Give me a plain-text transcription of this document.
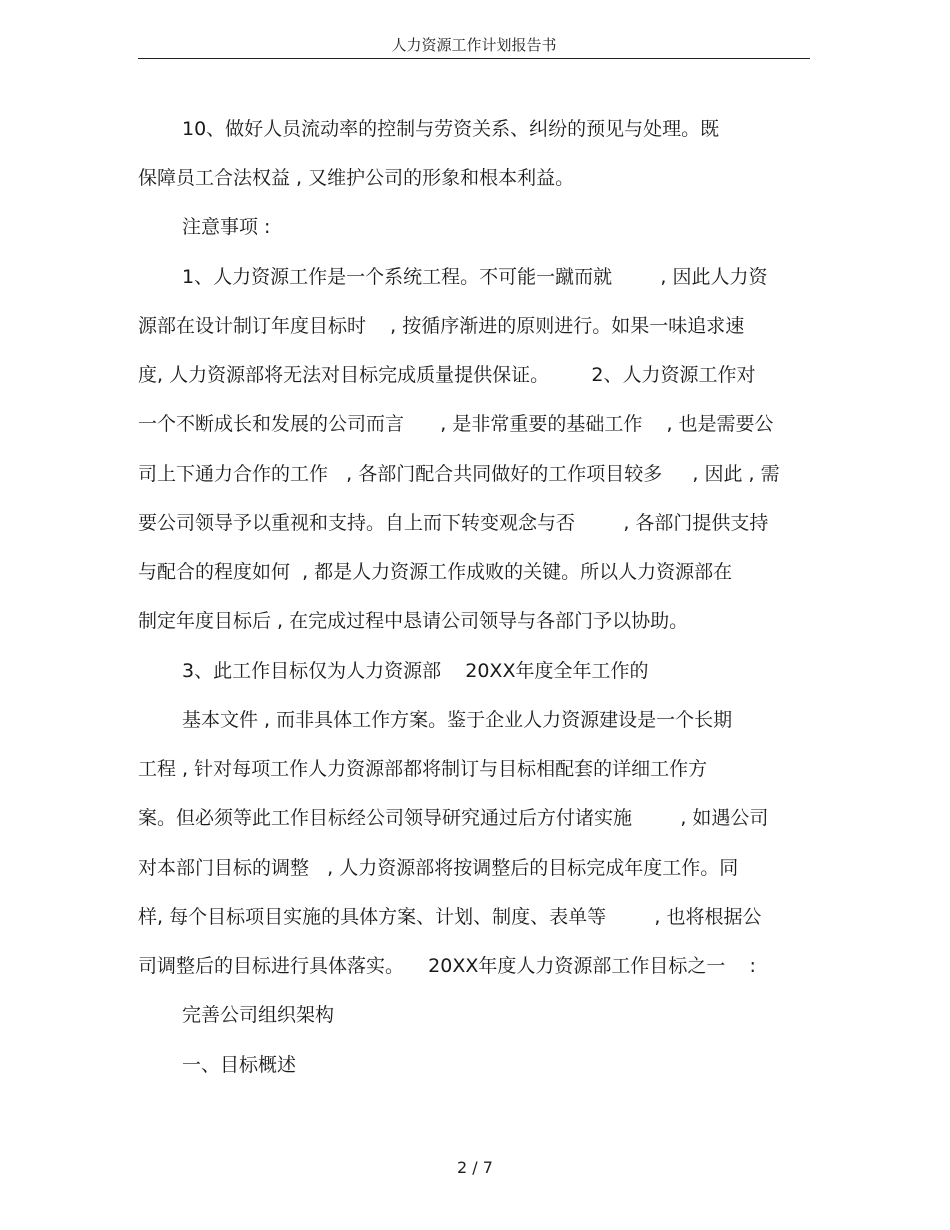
人力资源工作计划报告书
10、做好人员流动率的控制与劳资关系、纠纷的预见与处理。既
保障员工合法权益 , 又维护公司的形象和根本利益。
注意事项 :
1、人力资源工作是一个系统工程。不可能一蹴而就        , 因此人力资
源部在设计制订年度目标时    , 按循序渐进的原则进行。如果一味追求速
度, 人力资源部将无法对目标完成质量提供保证。       2、人力资源工作对
一个不断成长和发展的公司而言      , 是非常重要的基础工作    , 也是需要公
司上下通力合作的工作   , 各部门配合共同做好的工作项目较多     , 因此 , 需
要公司领导予以重视和支持。自上而下转变观念与否        , 各部门提供支持
与配合的程度如何  , 都是人力资源工作成败的关键。所以人力资源部在
制定年度目标后 , 在完成过程中恳请公司领导与各部门予以协助。
3、此工作目标仅为人力资源部    20XX年度全年工作的
基本文件 , 而非具体工作方案。鉴于企业人力资源建设是一个长期
工程 , 针对每项工作人力资源部都将制订与目标相配套的详细工作方
案。但必须等此工作目标经公司领导研究通过后方付诸实施        , 如遇公司
对本部门目标的调整   , 人力资源部将按调整后的目标完成年度工作。同
样, 每个目标项目实施的具体方案、计划、制度、表单等        , 也将根据公
司调整后的目标进行具体落实。    20XX年度人力资源部工作目标之一    :
完善公司组织架构
一、目标概述
2 / 7
